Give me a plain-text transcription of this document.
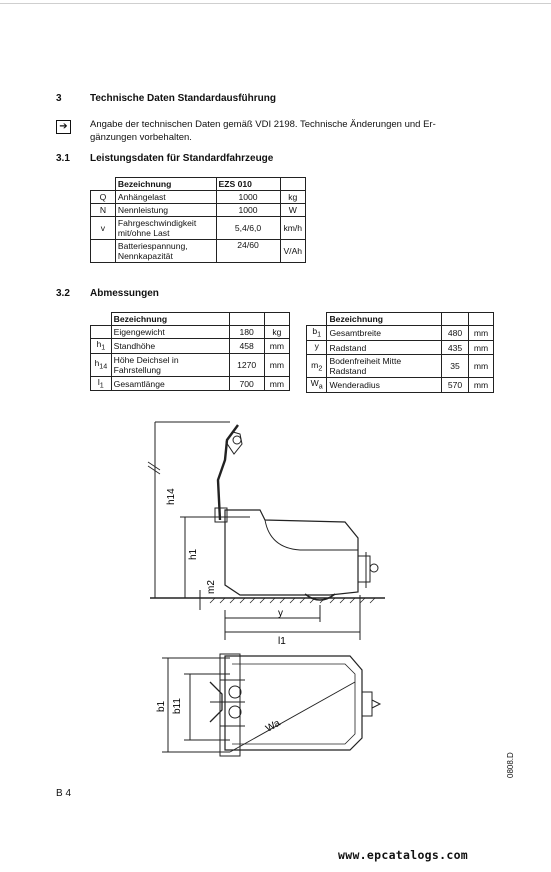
3	Technische Daten Standardausführung
➔	Angabe der technischen Daten gemäß VDI 2198. Technische Änderungen und Er-
gänzungen vorbehalten.
3.1 Leistungsdaten für Standardfahrzeuge
	Bezeichnung	EZS 010	
Q	Anhängelast	1000	kg
N	Nennleistung	1000	W
v	Fahrgeschwindigkeit mit/ohne Last	5,4/6,0	km/h
	Batteriespannung, Nennkapazität	24/60	V/Ah
3.2 Abmessungen
	Bezeichnung		
	Eigengewicht	180	kg
$h_1$	Standhöhe	458	mm
$h_{14}$	Höhe Deichsel in Fahrstellung	1270	mm
$l_1$	Gesamtlänge	700	mm
	Bezeichnung		
$b_1$	Gesamtbreite	480	mm
y	Radstand	435	mm
$m_2$	Bodenfreiheit Mitte Radstand	35	mm
$W_a$	Wenderadius	570	mm
h14
h1
m2
y
l1
b1 b11
Wa
0808.D
B 4
www.epcatalogs.com
